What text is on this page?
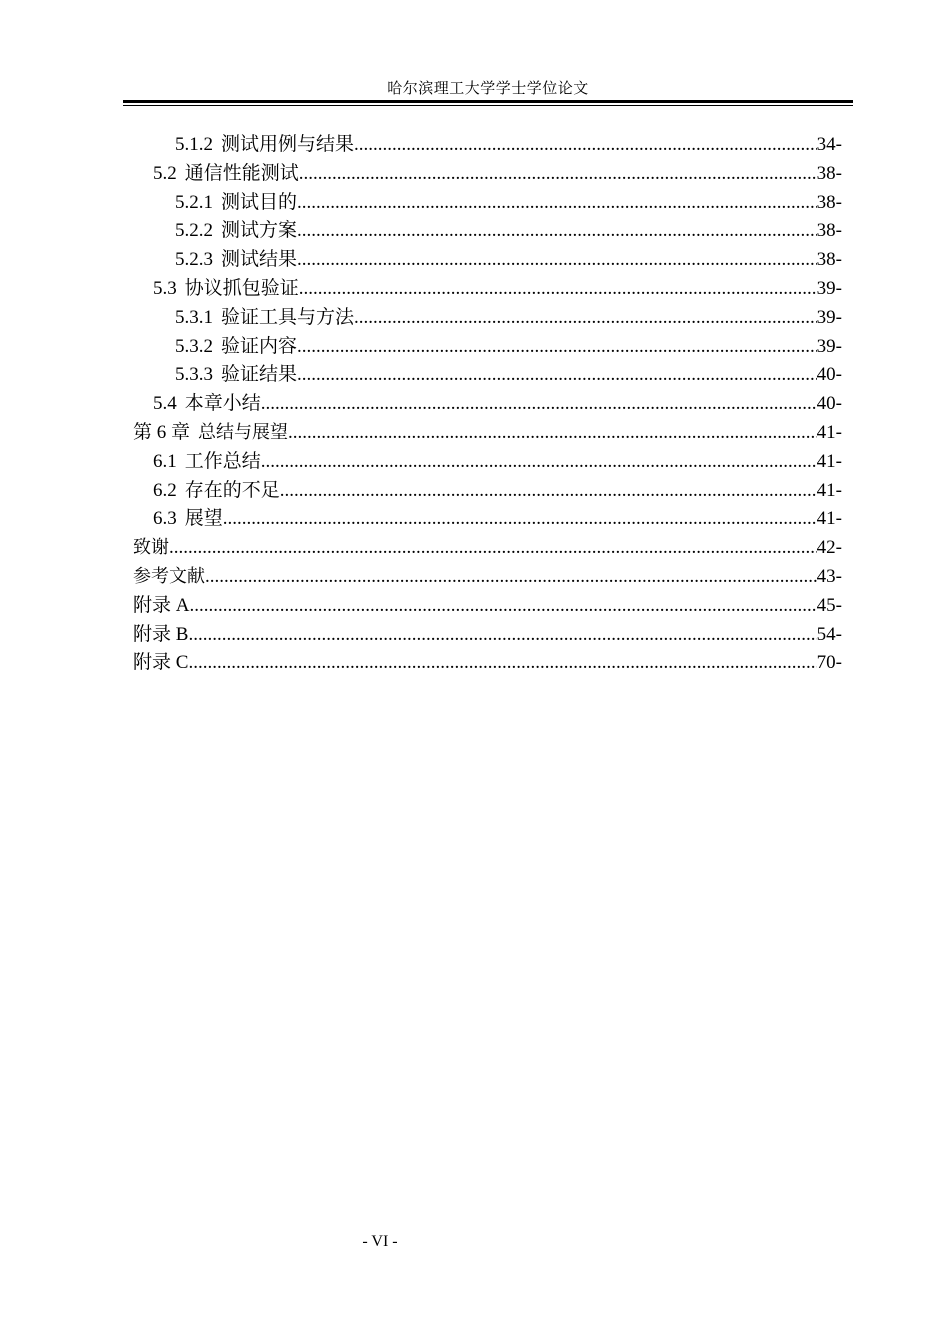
哈尔滨理工大学学士学位论文
5.1.2 测试用例与结果 .....	34-
5.2 通信性能测试 .....	38-
5.2.1 测试目的 .....	38-
5.2.2 测试方案 .....	38-
5.2.3 测试结果 .....	38-
5.3 协议抓包验证 .....	39-
5.3.1 验证工具与方法 .....	39-
5.3.2 验证内容 .....	39-
5.3.3 验证结果 .....	40-
5.4 本章小结 .....	40-
第 6 章 总结与展望 .....	41-
6.1 工作总结 .....	41-
6.2 存在的不足 .....	41-
6.3 展望 .....	41-
致谢 .....	42-
参考文献 .....	43-
附录 A .....	45-
附录 B .....	54-
附录 C .....	70-
- VI -
